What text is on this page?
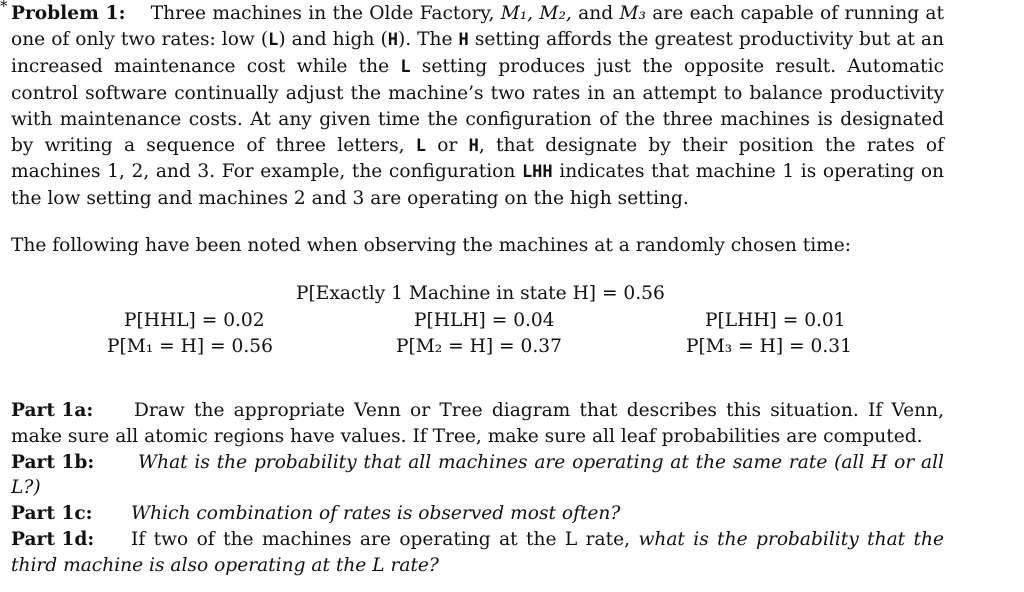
* Problem 1: Three machines in the Olde Factory, M₁, M₂, and M₃ are each capable of running at one of only two rates: low (L) and high (H). The H setting affords the greatest productivity but at an increased maintenance cost while the L setting produces just the opposite result. Automatic control software continually adjust the machine’s two rates in an attempt to balance productivity with maintenance costs. At any given time the configuration of the three machines is designated by writing a sequence of three letters, L or H, that designate by their position the rates of machines 1, 2, and 3. For example, the configuration LHH indicates that machine 1 is operating on the low setting and machines 2 and 3 are operating on the high setting.
The following have been noted when observing the machines at a randomly chosen time:
P[Exactly 1 Machine in state H] = 0.56
P[HHL] = 0.02	P[HLH] = 0.04	P[LHH] = 0.01
P[M₁ = H] = 0.56	P[M₂ = H] = 0.37	P[M₃ = H] = 0.31
Part 1a: Draw the appropriate Venn or Tree diagram that describes this situation. If Venn, make sure all atomic regions have values. If Tree, make sure all leaf probabilities are computed.
Part 1b: What is the probability that all machines are operating at the same rate (all H or all L?)
Part 1c: Which combination of rates is observed most often?
Part 1d: If two of the machines are operating at the L rate, what is the probability that the third machine is also operating at the L rate?
